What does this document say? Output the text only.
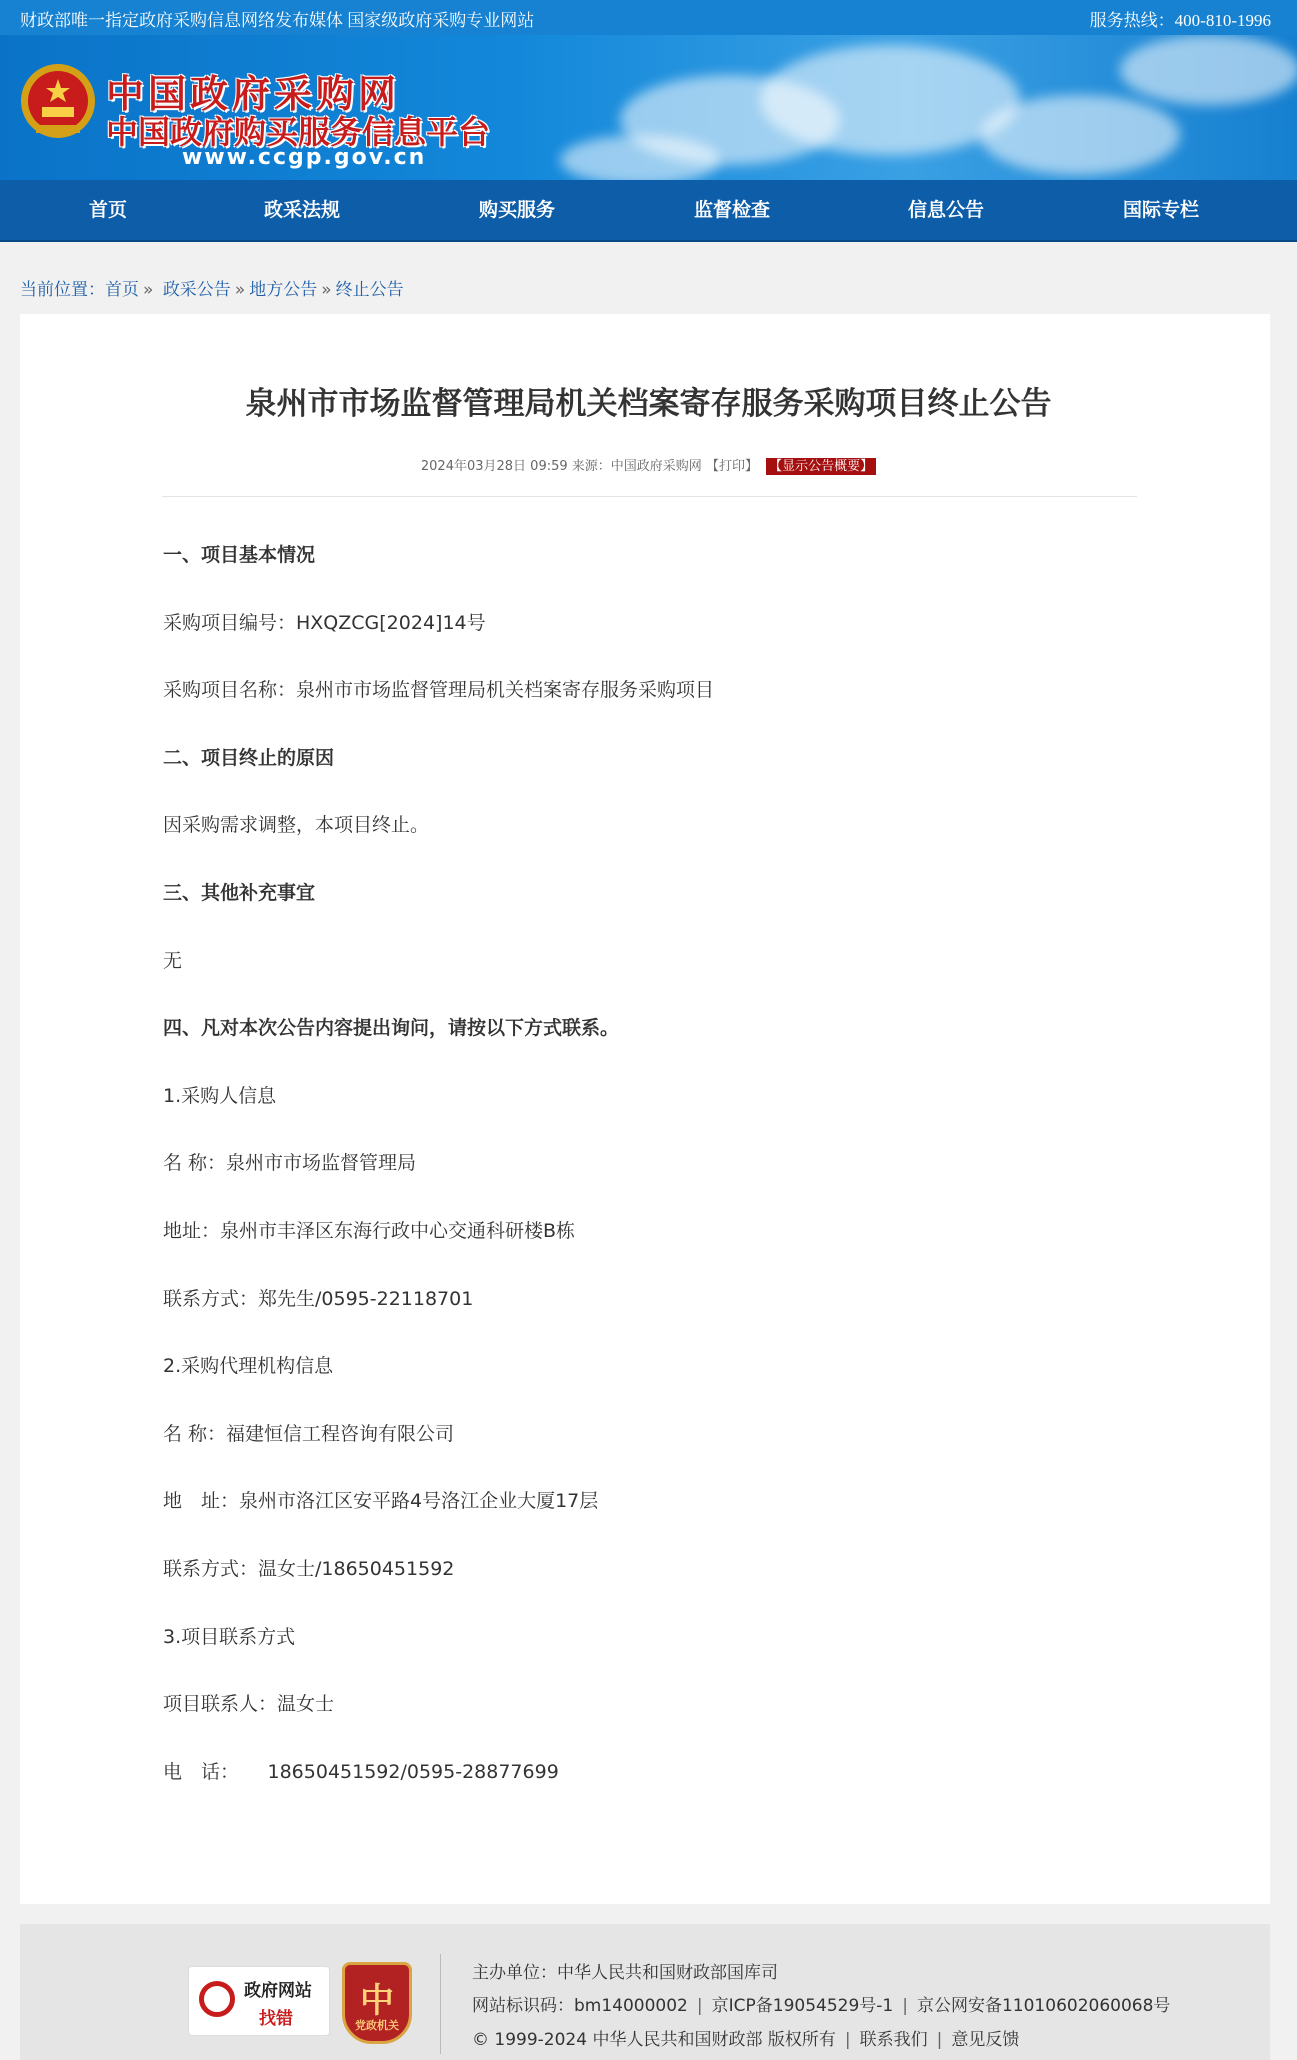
财政部唯一指定政府采购信息网络发布媒体 国家级政府采购专业网站	服务热线：400-810-1996
中国政府采购网
中国政府购买服务信息平台
www.ccgp.gov.cn
首页	政采法规	购买服务	监督检查	信息公告	国际专栏
当前位置：首页 » 政采公告 » 地方公告 » 终止公告
泉州市市场监督管理局机关档案寄存服务采购项目终止公告
2024年03月28日 09:59 来源：中国政府采购网 【打印】 【显示公告概要】
一、项目基本情况
采购项目编号：HXQZCG[2024]14号
采购项目名称：泉州市市场监督管理局机关档案寄存服务采购项目
二、项目终止的原因
因采购需求调整，本项目终止。
三、其他补充事宜
无
四、凡对本次公告内容提出询问，请按以下方式联系。
1.采购人信息
名 称：泉州市市场监督管理局
地址：泉州市丰泽区东海行政中心交通科研楼B栋
联系方式：郑先生/0595-22118701
2.采购代理机构信息
名 称：福建恒信工程咨询有限公司
地　址：泉州市洛江区安平路4号洛江企业大厦17层
联系方式：温女士/18650451592
3.项目联系方式
项目联系人：温女士
电　话：　　18650451592/0595-28877699
政府网站
找错	中
党政机关
主办单位：中华人民共和国财政部国库司
网站标识码：bm14000002 | 京ICP备19054529号-1 | 京公网安备11010602060068号
© 1999-2024 中华人民共和国财政部 版权所有 | 联系我们 | 意见反馈
